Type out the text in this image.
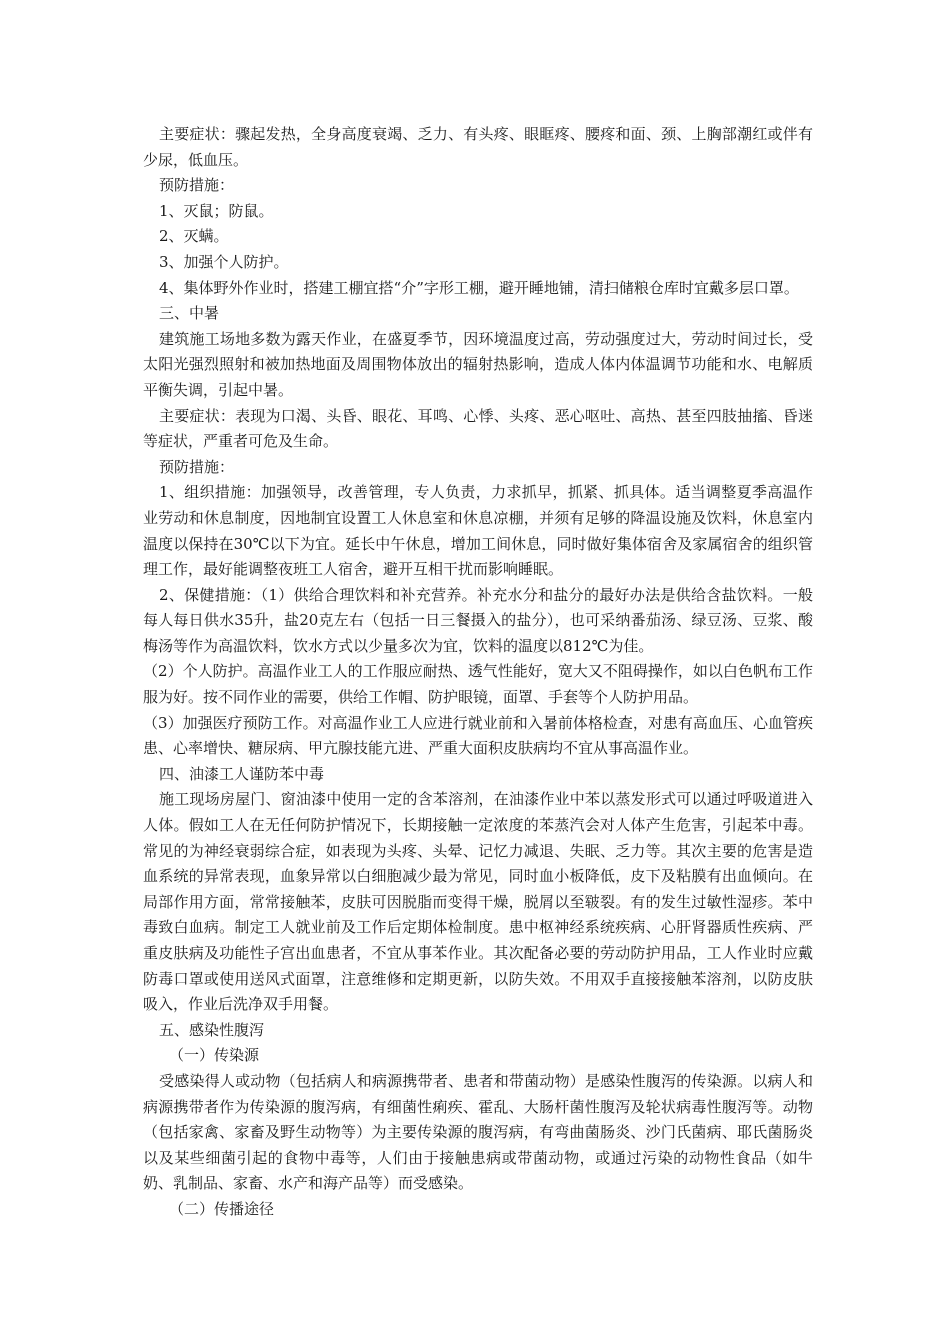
主要症状：骤起发热，全身高度衰竭、乏力、有头疼、眼眶疼、腰疼和面、颈、上胸部潮红或伴有少尿，低血压。

预防措施：

1、灭鼠；防鼠。

2、灭螨。

3、加强个人防护。

4、集体野外作业时，搭建工棚宜搭“介”字形工棚，避开睡地铺，清扫储粮仓库时宜戴多层口罩。

三、中暑

建筑施工场地多数为露天作业，在盛夏季节，因环境温度过高，劳动强度过大，劳动时间过长，受太阳光强烈照射和被加热地面及周围物体放出的辐射热影响，造成人体内体温调节功能和水、电解质平衡失调，引起中暑。

主要症状：表现为口渴、头昏、眼花、耳鸣、心悸、头疼、恶心呕吐、高热、甚至四肢抽搐、昏迷等症状，严重者可危及生命。

预防措施：

1、组织措施：加强领导，改善管理，专人负责，力求抓早，抓紧、抓具体。适当调整夏季高温作业劳动和休息制度，因地制宜设置工人休息室和休息凉棚，并须有足够的降温设施及饮料，休息室内温度以保持在30℃以下为宜。延长中午休息，增加工间休息，同时做好集体宿舍及家属宿舍的组织管理工作，最好能调整夜班工人宿舍，避开互相干扰而影响睡眠。

2、保健措施：（1）供给合理饮料和补充营养。补充水分和盐分的最好办法是供给含盐饮料。一般每人每日供水35升，盐20克左右（包括一日三餐摄入的盐分），也可采纳番茄汤、绿豆汤、豆浆、酸梅汤等作为高温饮料，饮水方式以少量多次为宜，饮料的温度以812℃为佳。

（2）个人防护。高温作业工人的工作服应耐热、透气性能好，宽大又不阻碍操作，如以白色帆布工作服为好。按不同作业的需要，供给工作帽、防护眼镜，面罩、手套等个人防护用品。

（3）加强医疗预防工作。对高温作业工人应进行就业前和入暑前体格检查，对患有高血压、心血管疾患、心率增快、糖尿病、甲亢腺技能亢进、严重大面积皮肤病均不宜从事高温作业。

四、油漆工人谨防苯中毒

施工现场房屋门、窗油漆中使用一定的含苯溶剂，在油漆作业中苯以蒸发形式可以通过呼吸道进入人体。假如工人在无任何防护情况下，长期接触一定浓度的苯蒸汽会对人体产生危害，引起苯中毒。常见的为神经衰弱综合症，如表现为头疼、头晕、记忆力减退、失眠、乏力等。其次主要的危害是造血系统的异常表现，血象异常以白细胞减少最为常见，同时血小板降低，皮下及粘膜有出血倾向。在局部作用方面，常常接触苯，皮肤可因脱脂而变得干燥，脱屑以至皲裂。有的发生过敏性湿疹。苯中毒致白血病。制定工人就业前及工作后定期体检制度。患中枢神经系统疾病、心肝肾器质性疾病、严重皮肤病及功能性子宫出血患者，不宜从事苯作业。其次配备必要的劳动防护用品，工人作业时应戴防毒口罩或使用送风式面罩，注意维修和定期更新，以防失效。不用双手直接接触苯溶剂，以防皮肤吸入，作业后洗净双手用餐。

五、感染性腹泻

（一）传染源

受感染得人或动物（包括病人和病源携带者、患者和带菌动物）是感染性腹泻的传染源。以病人和病源携带者作为传染源的腹泻病，有细菌性痢疾、霍乱、大肠杆菌性腹泻及轮状病毒性腹泻等。动物（包括家禽、家畜及野生动物等）为主要传染源的腹泻病，有弯曲菌肠炎、沙门氏菌病、耶氏菌肠炎以及某些细菌引起的食物中毒等，人们由于接触患病或带菌动物，或通过污染的动物性食品（如牛奶、乳制品、家畜、水产和海产品等）而受感染。

（二）传播途径
